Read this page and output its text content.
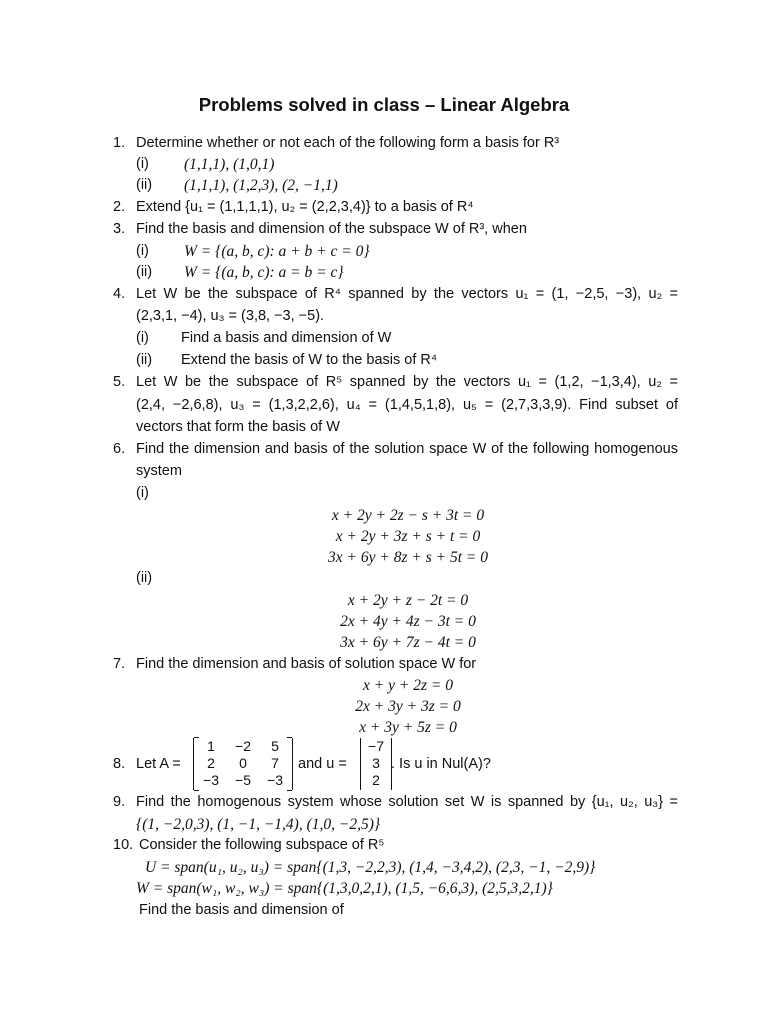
Problems solved in class – Linear Algebra
1. Determine whether or not each of the following form a basis for R³
(i) (1,1,1), (1,0,1)
(ii) (1,1,1), (1,2,3), (2, −1,1)
2. Extend {u₁ = (1,1,1,1), u₂ = (2,2,3,4)} to a basis of R⁴
3. Find the basis and dimension of the subspace W of R³, when
(i) W = {(a, b, c): a + b + c = 0}
(ii) W = {(a, b, c): a = b = c}
4. Let W be the subspace of R⁴ spanned by the vectors u₁ = (1, −2,5, −3), u₂ =
(2,3,1, −4), u₃ = (3,8, −3, −5).
(i) Find a basis and dimension of W
(ii) Extend the basis of W to the basis of R⁴
5. Let W be the subspace of R⁵ spanned by the vectors u₁ = (1,2, −1,3,4), u₂ =
(2,4, −2,6,8), u₃ = (1,3,2,2,6), u₄ = (1,4,5,1,8), u₅ = (2,7,3,3,9). Find subset of
vectors that form the basis of W
6. Find the dimension and basis of the solution space W of the following homogenous
system
(i)
x + 2y + 2z − s + 3t = 0
x + 2y + 3z + s + t = 0
3x + 6y + 8z + s + 5t = 0
(ii)
x + 2y + z − 2t = 0
2x + 4y + 4z − 3t = 0
3x + 6y + 7z − 4t = 0
7. Find the dimension and basis of solution space W for
x + y + 2z = 0
2x + 3y + 3z = 0
x + 3y + 5z = 0
8. Let A =
1	−2	5
2	0	7
−3	−5	−3
and u =
−7
3
2
. Is u in Nul(A)?
9. Find the homogenous system whose solution set W is spanned by {u₁, u₂, u₃} =
{(1, −2,0,3), (1, −1, −1,4), (1,0, −2,5)}
10. Consider the following subspace of R⁵
U = span(u₁, u₂, u₃) = span{(1,3, −2,2,3), (1,4, −3,4,2), (2,3, −1, −2,9)}
W = span(w₁, w₂, w₃) = span{(1,3,0,2,1), (1,5, −6,6,3), (2,5,3,2,1)}
Find the basis and dimension of
